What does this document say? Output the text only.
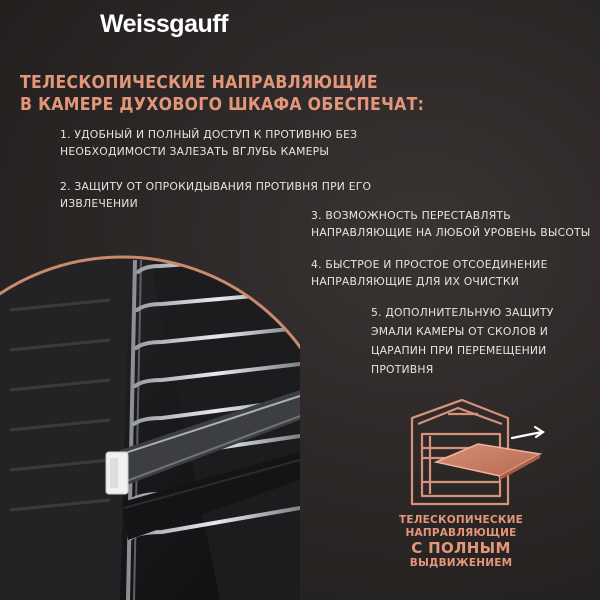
Weissgauff
ТЕЛЕСКОПИЧЕСКИЕ НАПРАВЛЯЮЩИЕ
В КАМЕРЕ ДУХОВОГО ШКАФА ОБЕСПЕЧАТ:
1. УДОБНЫЙ И ПОЛНЫЙ ДОСТУП К ПРОТИВНЮ БЕЗ
НЕОБХОДИМОСТИ ЗАЛЕЗАТЬ ВГЛУБЬ КАМЕРЫ
2. ЗАЩИТУ ОТ ОПРОКИДЫВАНИЯ ПРОТИВНЯ ПРИ ЕГО
ИЗВЛЕЧЕНИИ
3. ВОЗМОЖНОСТЬ ПЕРЕСТАВЛЯТЬ
НАПРАВЛЯЮЩИЕ НА ЛЮБОЙ УРОВЕНЬ ВЫСОТЫ
4. БЫСТРОЕ И ПРОСТОЕ ОТСОЕДИНЕНИЕ
НАПРАВЛЯЮЩИЕ ДЛЯ ИХ ОЧИСТКИ
5. ДОПОЛНИТЕЛЬНУЮ ЗАЩИТУ
ЭМАЛИ КАМЕРЫ ОТ СКОЛОВ И
ЦАРАПИН ПРИ ПЕРЕМЕЩЕНИИ
ПРОТИВНЯ
ТЕЛЕСКОПИЧЕСКИЕ
НАПРАВЛЯЮЩИЕ
С ПОЛНЫМ
ВЫДВИЖЕНИЕМ
